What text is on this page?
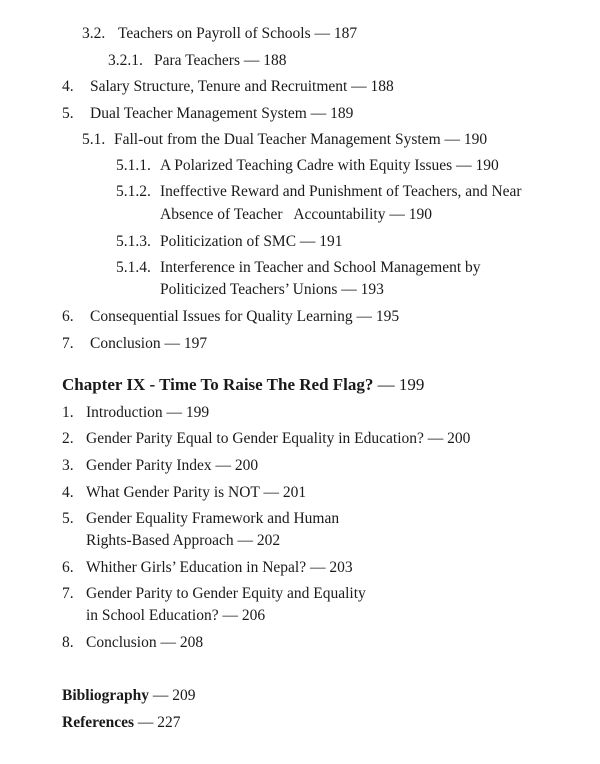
3.2. Teachers on Payroll of Schools — 187
3.2.1. Para Teachers — 188
4. Salary Structure, Tenure and Recruitment — 188
5. Dual Teacher Management System — 189
5.1. Fall-out from the Dual Teacher Management System — 190
5.1.1. A Polarized Teaching Cadre with Equity Issues — 190
5.1.2. Ineffective Reward and Punishment of Teachers, and Near
Absence of Teacher   Accountability — 190
5.1.3. Politicization of SMC — 191
5.1.4. Interference in Teacher and School Management by
Politicized Teachers’ Unions — 193
6. Consequential Issues for Quality Learning — 195
7. Conclusion — 197
Chapter IX - Time To Raise The Red Flag? — 199
1. Introduction — 199
2. Gender Parity Equal to Gender Equality in Education? — 200
3. Gender Parity Index — 200
4. What Gender Parity is NOT — 201
5. Gender Equality Framework and Human
Rights-Based Approach — 202
6. Whither Girls’ Education in Nepal? — 203
7. Gender Parity to Gender Equity and Equality
in School Education? — 206
8. Conclusion — 208
Bibliography — 209
References — 227
